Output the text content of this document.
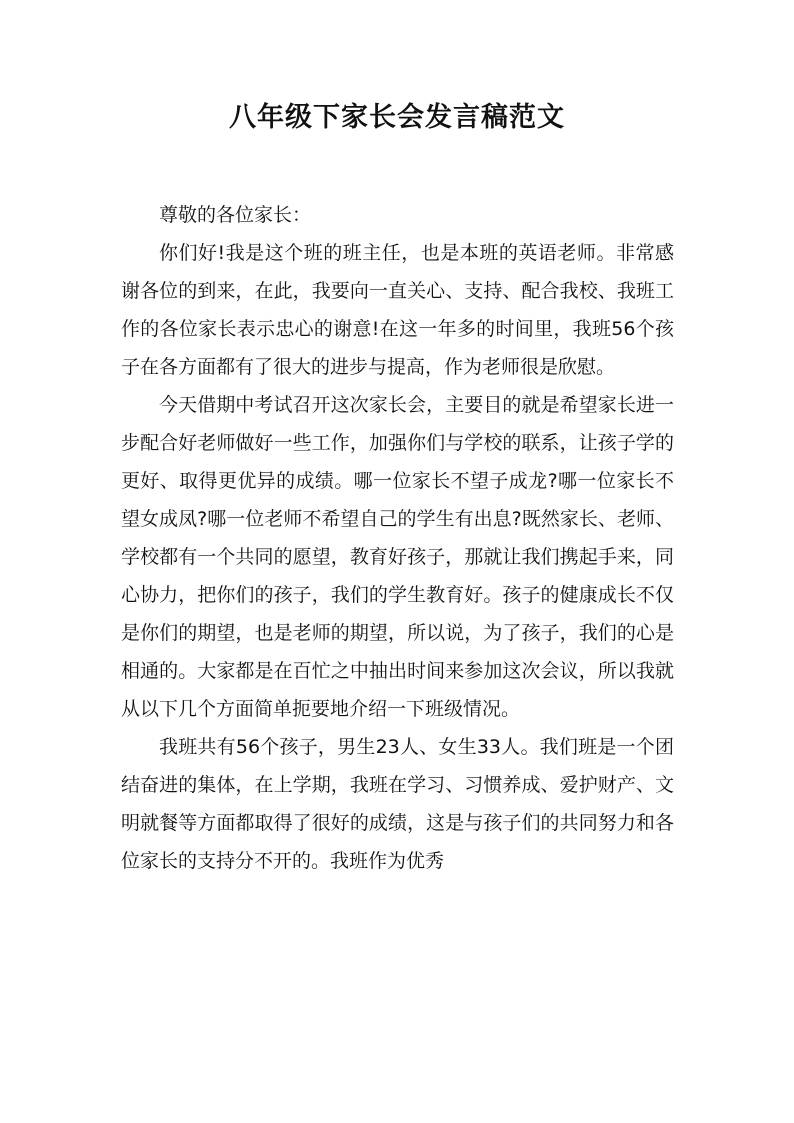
八年级下家长会发言稿范文

尊敬的各位家长：

你们好!我是这个班的班主任，也是本班的英语老师。非常感谢各位的到来，在此，我要向一直关心、支持、配合我校、我班工作的各位家长表示忠心的谢意!在这一年多的时间里，我班56个孩子在各方面都有了很大的进步与提高，作为老师很是欣慰。

今天借期中考试召开这次家长会，主要目的就是希望家长进一步配合好老师做好一些工作，加强你们与学校的联系，让孩子学的更好、取得更优异的成绩。哪一位家长不望子成龙?哪一位家长不望女成凤?哪一位老师不希望自己的学生有出息?既然家长、老师、学校都有一个共同的愿望，教育好孩子，那就让我们携起手来，同心协力，把你们的孩子，我们的学生教育好。孩子的健康成长不仅是你们的期望，也是老师的期望，所以说，为了孩子，我们的心是相通的。大家都是在百忙之中抽出时间来参加这次会议，所以我就从以下几个方面简单扼要地介绍一下班级情况。

我班共有56个孩子，男生23人、女生33人。我们班是一个团结奋进的集体，在上学期，我班在学习、习惯养成、爱护财产、文明就餐等方面都取得了很好的成绩，这是与孩子们的共同努力和各位家长的支持分不开的。我班作为优秀
